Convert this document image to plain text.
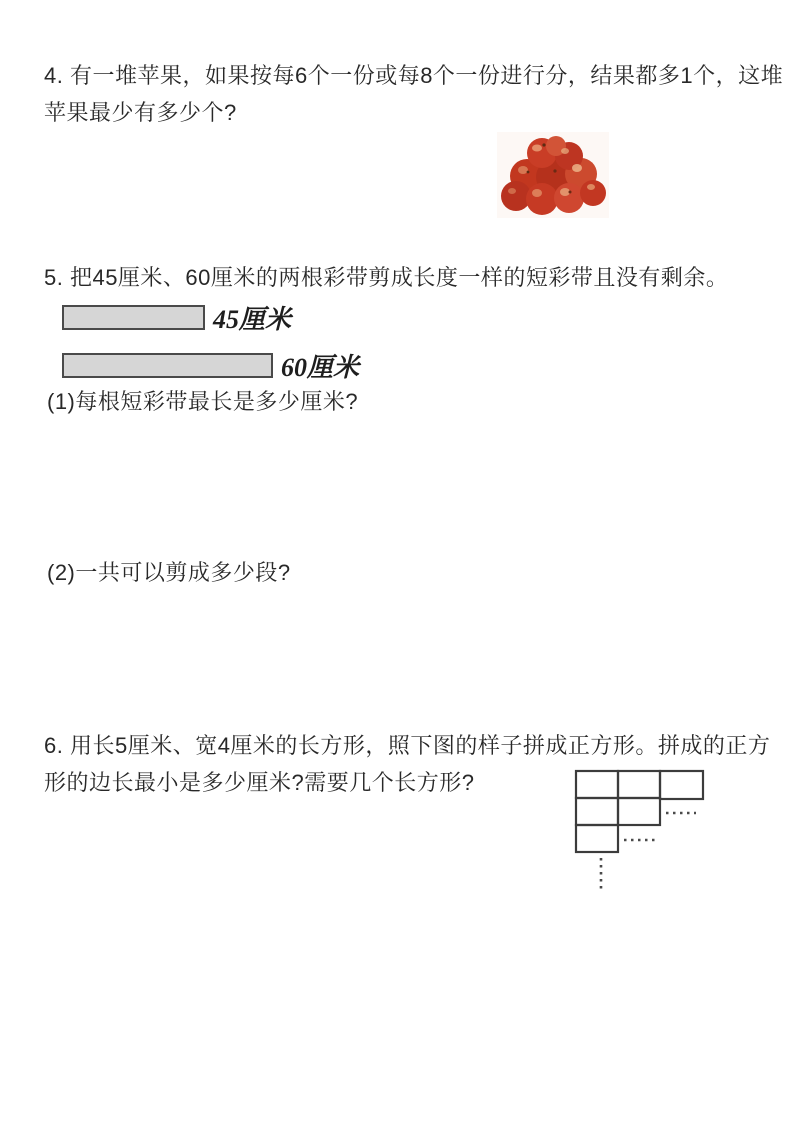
4. 有一堆苹果，如果按每6个一份或每8个一份进行分，结果都多1个，这堆
苹果最少有多少个?
5. 把45厘米、60厘米的两根彩带剪成长度一样的短彩带且没有剩余。
45厘米
60厘米
(1)每根短彩带最长是多少厘米?
(2)一共可以剪成多少段?
6. 用长5厘米、宽4厘米的长方形，照下图的样子拼成正方形。拼成的正方
形的边长最小是多少厘米?需要几个长方形?
